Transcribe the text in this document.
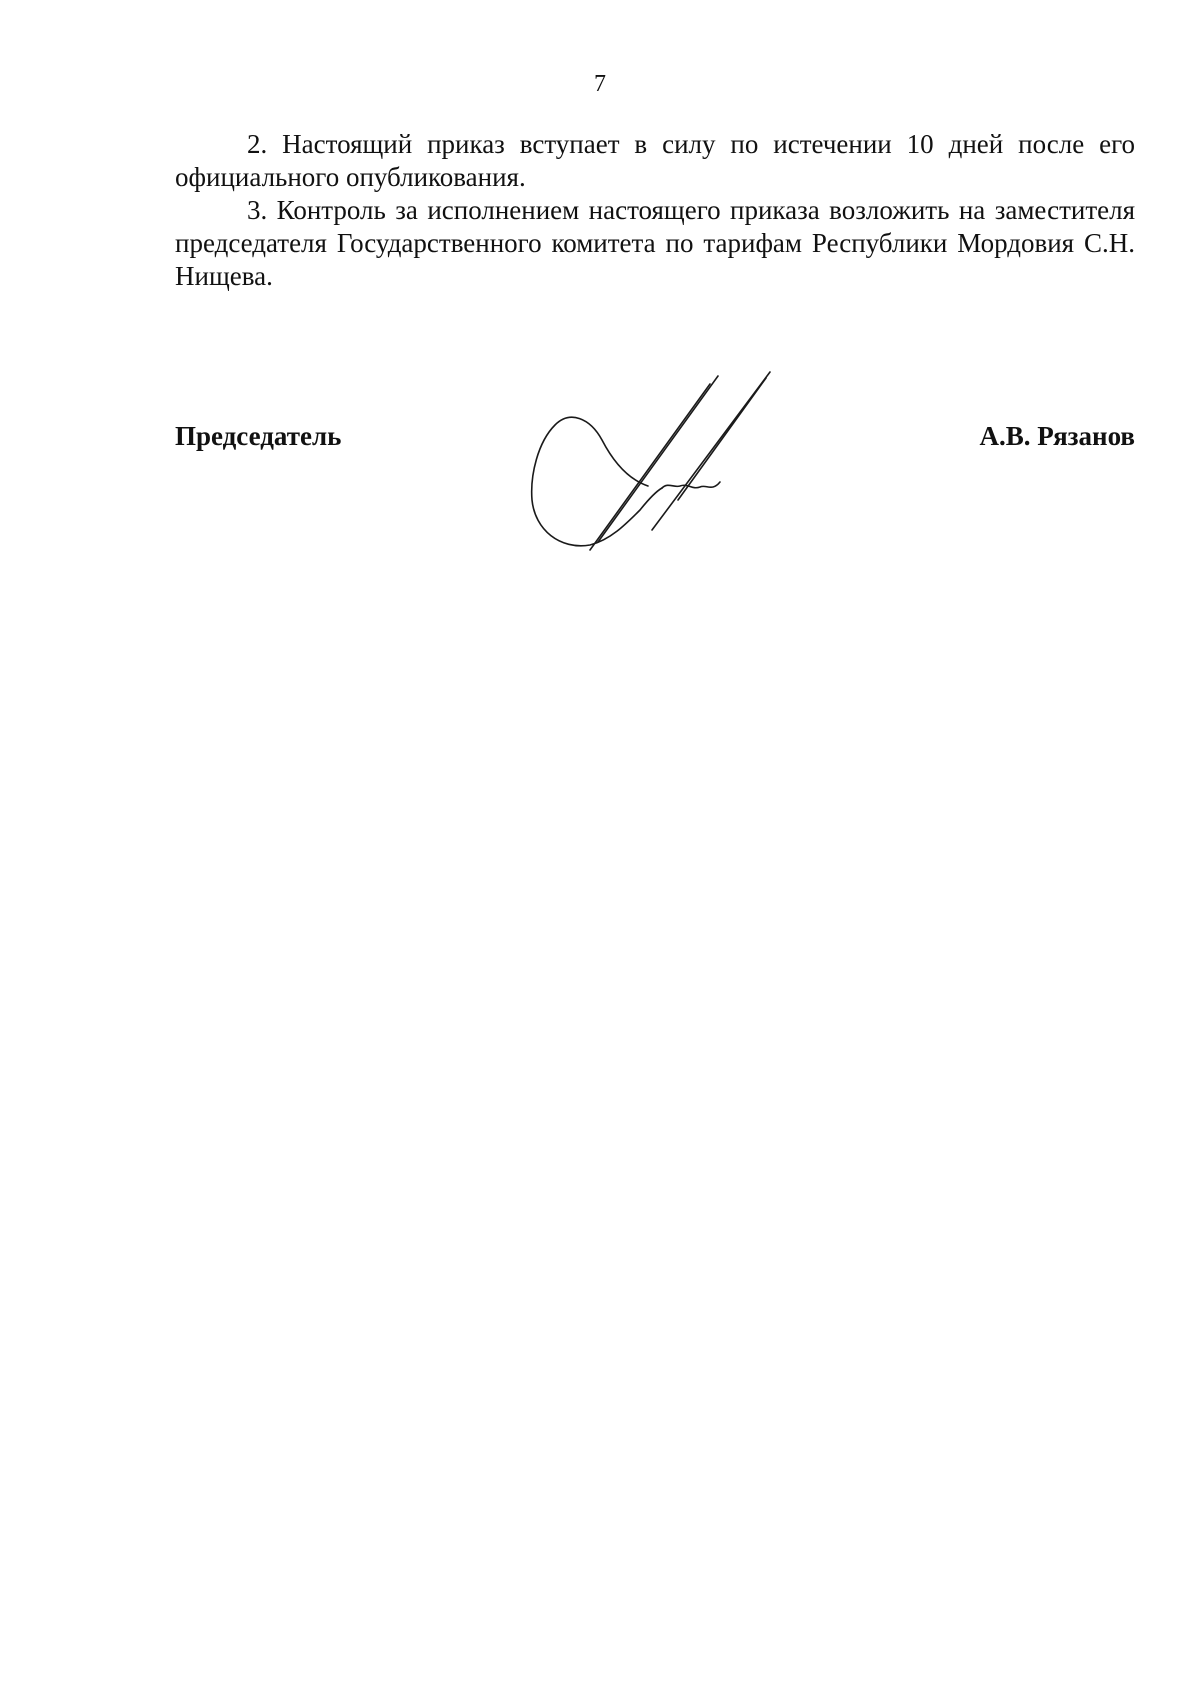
7

2. Настоящий приказ вступает в силу по истечении 10 дней после его официального опубликования.

3. Контроль за исполнением настоящего приказа возложить на заместителя председателя Государственного комитета по тарифам Республики Мордовия С.Н. Нищева.

Председатель	А.В. Рязанов
